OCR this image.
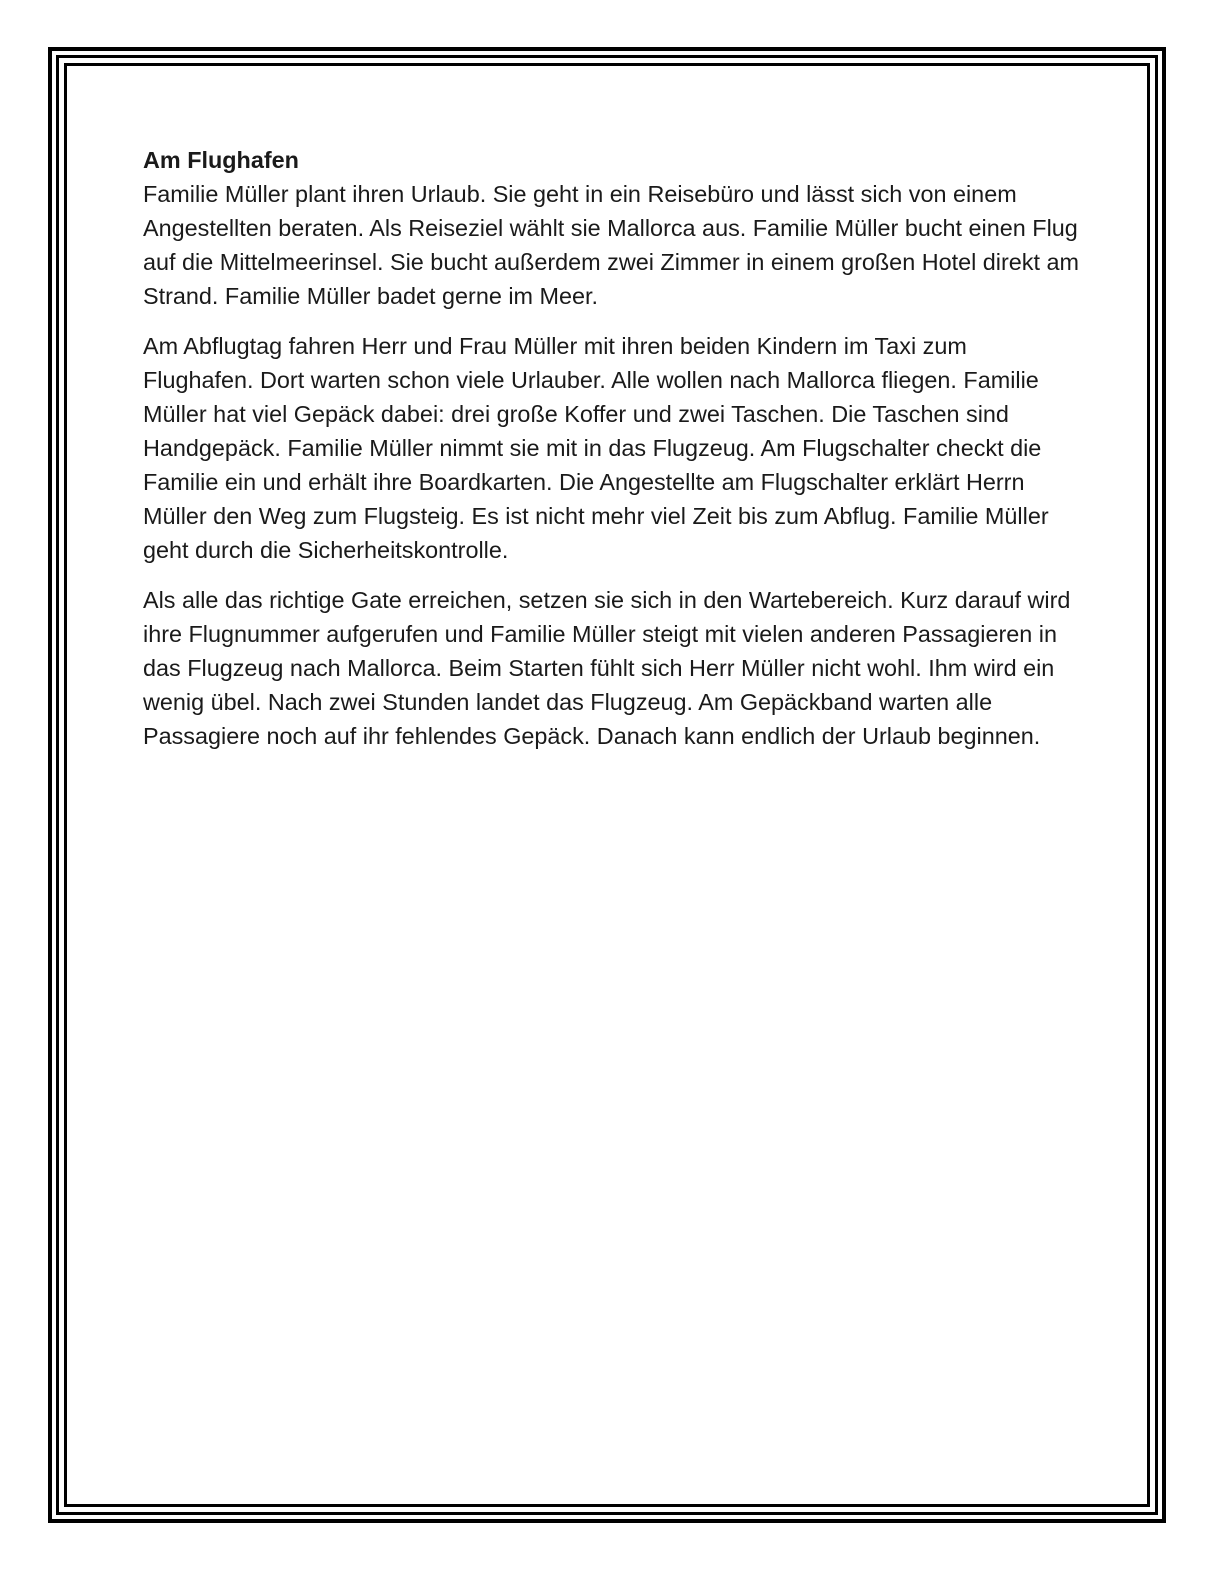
Am Flughafen

Familie Müller plant ihren Urlaub. Sie geht in ein Reisebüro und lässt sich von einem Angestellten beraten. Als Reiseziel wählt sie Mallorca aus. Familie Müller bucht einen Flug auf die Mittelmeerinsel. Sie bucht außerdem zwei Zimmer in einem großen Hotel direkt am Strand. Familie Müller badet gerne im Meer.

Am Abflugtag fahren Herr und Frau Müller mit ihren beiden Kindern im Taxi zum Flughafen. Dort warten schon viele Urlauber. Alle wollen nach Mallorca fliegen. Familie Müller hat viel Gepäck dabei: drei große Koffer und zwei Taschen. Die Taschen sind Handgepäck. Familie Müller nimmt sie mit in das Flugzeug. Am Flugschalter checkt die Familie ein und erhält ihre Boardkarten. Die Angestellte am Flugschalter erklärt Herrn Müller den Weg zum Flugsteig. Es ist nicht mehr viel Zeit bis zum Abflug. Familie Müller geht durch die Sicherheitskontrolle.

Als alle das richtige Gate erreichen, setzen sie sich in den Wartebereich. Kurz darauf wird ihre Flugnummer aufgerufen und Familie Müller steigt mit vielen anderen Passagieren in das Flugzeug nach Mallorca. Beim Starten fühlt sich Herr Müller nicht wohl. Ihm wird ein wenig übel. Nach zwei Stunden landet das Flugzeug. Am Gepäckband warten alle Passagiere noch auf ihr fehlendes Gepäck. Danach kann endlich der Urlaub beginnen.
